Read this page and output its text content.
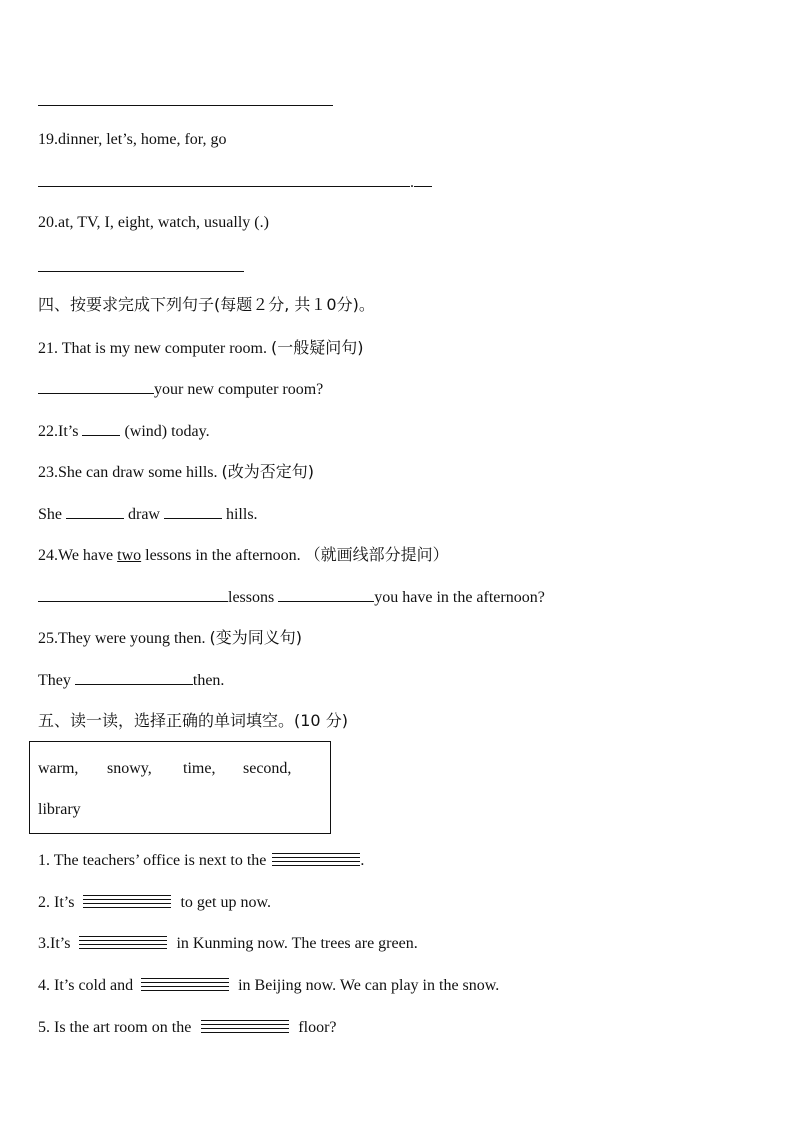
19.dinner, let’s, home, for, go
.
20.at, TV, I, eight, watch, usually (.)
四、按要求完成下列句子(每题２分, 共１0分)。
21. That is my new computer room. (一般疑问句)
your new computer room?
22.It’s  (wind) today.
23.She can draw some hills. (改为否定句)
She	draw	hills.
24.We have two lessons in the afternoon. （就画线部分提问）
lessons	you have in the afternoon?
25.They were young then. (变为同义句)
They	then.
五、读一读，选择正确的单词填空。(10 分)
warm, snowy, time, second,
library
1. The teachers’ office is next to the	.
2. It’s	to get up now.
3.It’s	in Kunming now. The trees are green.
4. It’s cold and	in Beijing now. We can play in the snow.
5. Is the art room on the	floor?
